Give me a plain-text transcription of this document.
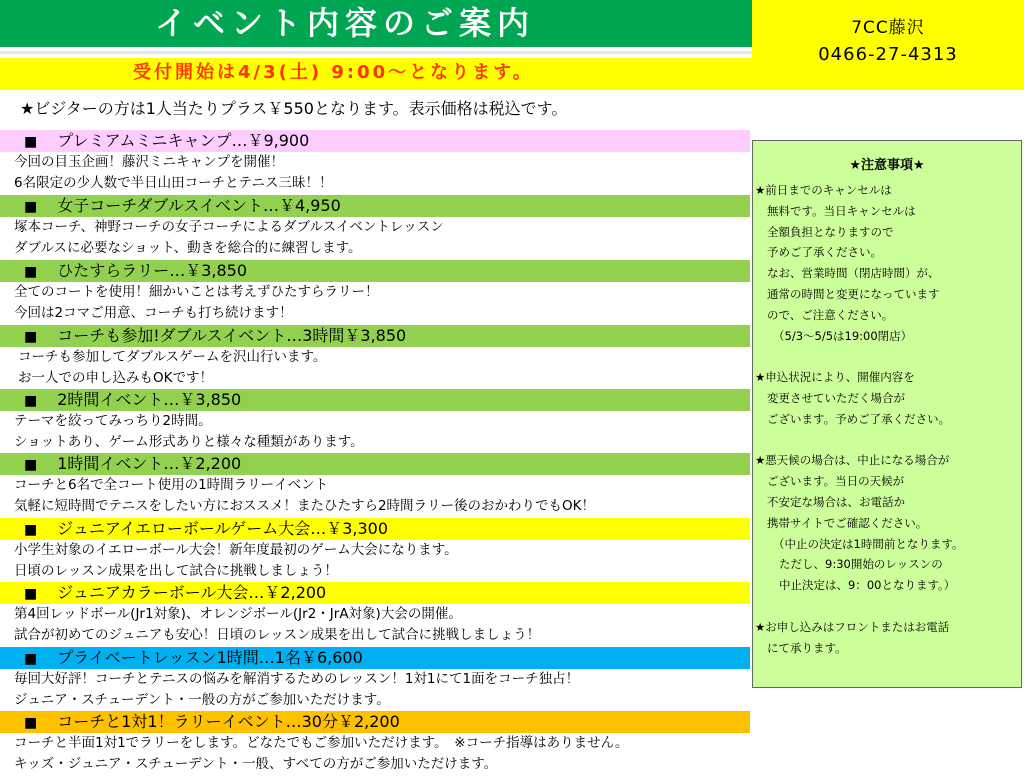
イベント内容のご案内
受付開始は4/3(土) 9:00～となります。
7CC藤沢
0466-27-4313
★ビジターの方は1人当たりプラス￥550となります。表示価格は税込です。
■ プレミアムミニキャンプ…￥9,900
今回の目玉企画！藤沢ミニキャンプを開催！
6名限定の少人数で半日山田コーチとテニス三昧！！
■ 女子コーチダブルスイベント…￥4,950
塚本コーチ、神野コーチの女子コーチによるダブルスイベントレッスン
ダブルスに必要なショット、動きを総合的に練習します。
■ ひたすらラリー…￥3,850
全てのコートを使用！細かいことは考えずひたすらラリー！
今回は2コマご用意、コーチも打ち続けます！
■ コーチも参加!ダブルスイベント…3時間￥3,850
コーチも参加してダブルスゲームを沢山行います。
お一人での申し込みもOKです！
■ 2時間イベント…￥3,850
テーマを絞ってみっちり2時間。
ショットあり、ゲーム形式ありと様々な種類があります。
■ 1時間イベント…￥2,200
コーチと6名で全コート使用の1時間ラリーイベント
気軽に短時間でテニスをしたい方におススメ！またひたすら2時間ラリー後のおかわりでもOK！
■ ジュニアイエローボールゲーム大会…￥3,300
小学生対象のイエローボール大会！新年度最初のゲーム大会になります。
日頃のレッスン成果を出して試合に挑戦しましょう！
■ ジュニアカラーボール大会…￥2,200
第4回レッドボール(Jr1対象)、オレンジボール(Jr2・JrA対象)大会の開催。
試合が初めてのジュニアも安心！日頃のレッスン成果を出して試合に挑戦しましょう！
■ プライベートレッスン1時間…1名￥6,600
毎回大好評！コーチとテニスの悩みを解消するためのレッスン！1対1にて1面をコーチ独占！
ジュニア・スチューデント・一般の方がご参加いただけます。
■ コーチと1対1！ラリーイベント…30分￥2,200
コーチと半面1対1でラリーをします。どなたでもご参加いただけます。　※コーチ指導はありません。
キッズ・ジュニア・スチューデント・一般、すべての方がご参加いただけます。
★注意事項★
★前日までのキャンセルは
無料です。当日キャンセルは
全額負担となりますので
予めご了承ください。
なお、営業時間（閉店時間）が、
通常の時間と変更になっています
ので、ご注意ください。
（5/3～5/5は19:00閉店）
★申込状況により、開催内容を
変更させていただく場合が
ございます。予めご了承ください。
★悪天候の場合は、中止になる場合が
ございます。当日の天候が
不安定な場合は、お電話か
携帯サイトでご確認ください。
（中止の決定は1時間前となります。
ただし、9:30開始のレッスンの
中止決定は、9：00となります。）
★お申し込みはフロントまたはお電話
にて承ります。
